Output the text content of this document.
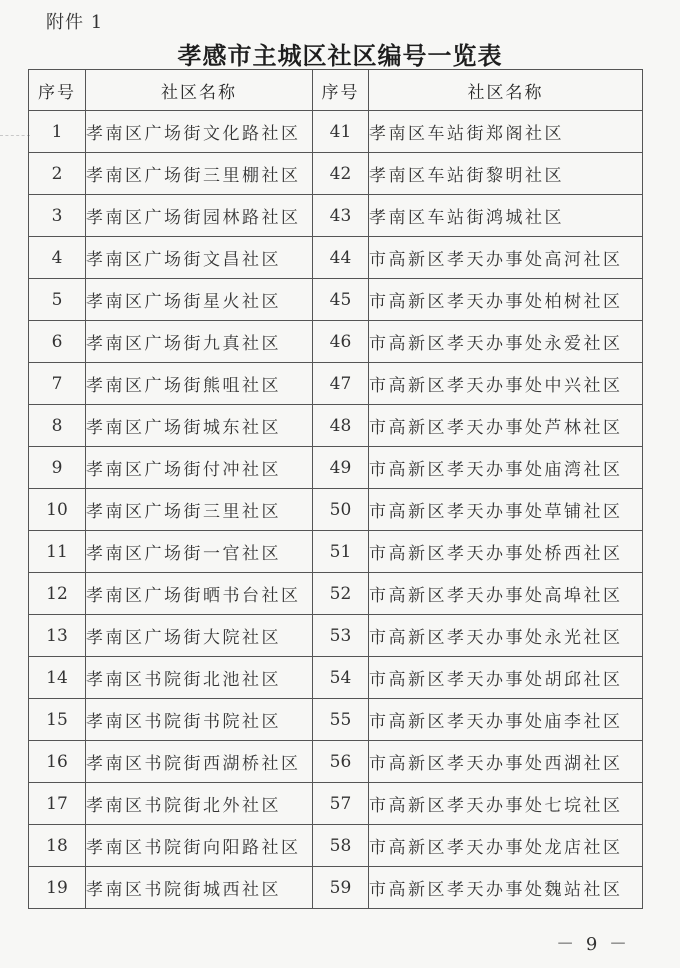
附件 1
孝感市主城区社区编号一览表
序号	社区名称	序号	社区名称
1	孝南区广场街文化路社区	41	孝南区车站街郑阁社区
2	孝南区广场街三里棚社区	42	孝南区车站街黎明社区
3	孝南区广场街园林路社区	43	孝南区车站街鸿城社区
4	孝南区广场街文昌社区	44	市高新区孝天办事处高河社区
5	孝南区广场街星火社区	45	市高新区孝天办事处柏树社区
6	孝南区广场街九真社区	46	市高新区孝天办事处永爱社区
7	孝南区广场街熊咀社区	47	市高新区孝天办事处中兴社区
8	孝南区广场街城东社区	48	市高新区孝天办事处芦林社区
9	孝南区广场街付冲社区	49	市高新区孝天办事处庙湾社区
10	孝南区广场街三里社区	50	市高新区孝天办事处草铺社区
11	孝南区广场街一官社区	51	市高新区孝天办事处桥西社区
12	孝南区广场街晒书台社区	52	市高新区孝天办事处高埠社区
13	孝南区广场街大院社区	53	市高新区孝天办事处永光社区
14	孝南区书院街北池社区	54	市高新区孝天办事处胡邱社区
15	孝南区书院街书院社区	55	市高新区孝天办事处庙李社区
16	孝南区书院街西湖桥社区	56	市高新区孝天办事处西湖社区
17	孝南区书院街北外社区	57	市高新区孝天办事处七垸社区
18	孝南区书院街向阳路社区	58	市高新区孝天办事处龙店社区
19	孝南区书院街城西社区	59	市高新区孝天办事处魏站社区
－ 9 －
